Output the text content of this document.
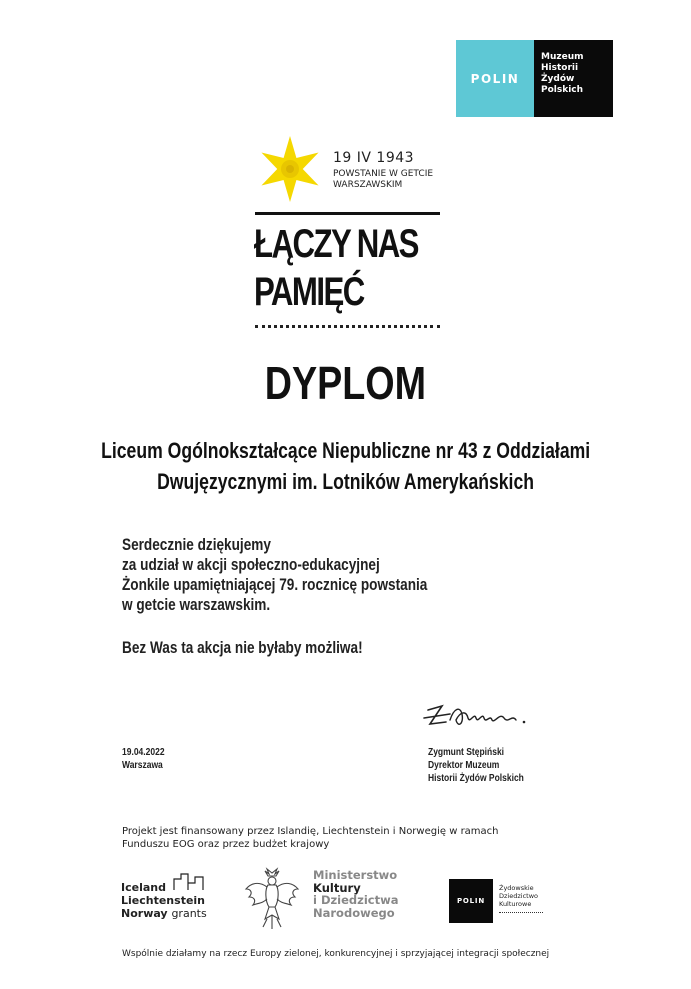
POLIN
Muzeum
Historii
Żydów
Polskich
19 IV 1943
POWSTANIE W GETCIE
WARSZAWSKIM
ŁĄCZY NAS
PAMIĘĆ
DYPLOM
Liceum Ogólnokształcące Niepubliczne nr 43 z Oddziałami
Dwujęzycznymi im. Lotników Amerykańskich
Serdecznie dziękujemy
za udział w akcji społeczno-edukacyjnej
Żonkile upamiętniającej 79. rocznicę powstania
w getcie warszawskim.
Bez Was ta akcja nie byłaby możliwa!
19.04.2022
Warszawa
Zygmunt Stępiński
Dyrektor Muzeum
Historii Żydów Polskich
Projekt jest finansowany przez Islandię, Liechtenstein i Norwegię w ramach
Funduszu EOG oraz przez budżet krajowy
Iceland
Liechtenstein
Norway grants
Ministerstwo
Kultury
i Dziedzictwa
Narodowego
POLIN
Żydowskie
Dziedzictwo
Kulturowe
Wspólnie działamy na rzecz Europy zielonej, konkurencyjnej i sprzyjającej integracji społecznej
